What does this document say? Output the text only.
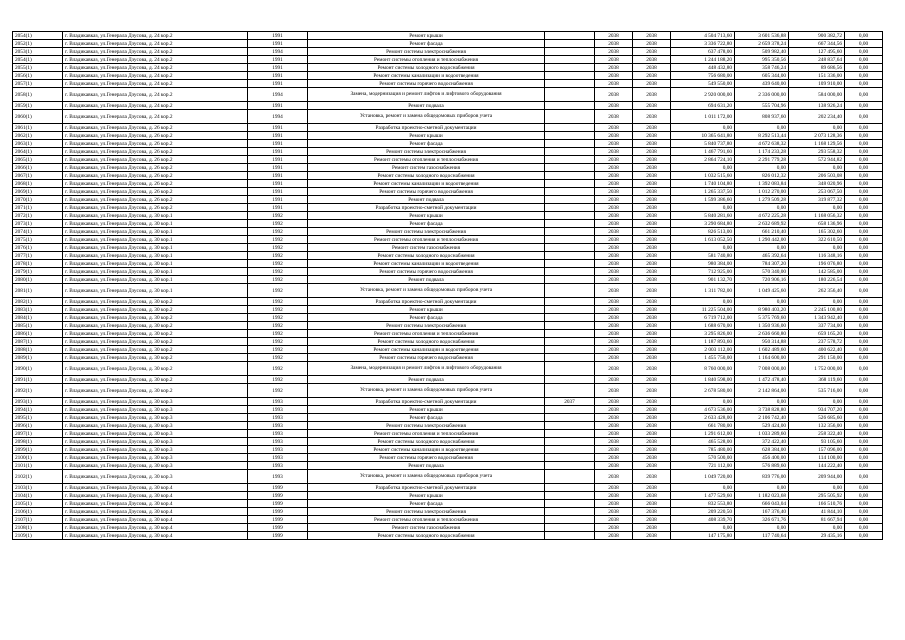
2054(1)	г. Владикавказ, ул.Генерала Дзусова, д. 24 кор.2	1991	Ремонт крыши		2038	2038	4 504 713,60	3 601 536,88	900 382,72	0,00
2052(1)	г. Владикавказ, ул.Генерала Дзусова, д. 24 кор.2	1991	Ремонт фасада		2038	2038	3 336 722,80	2 659 378,24	667 344,56	0,00
2053(1)	г. Владикавказ, ул.Генерала Дзусова, д. 24 кор.2	1994	Ремонт системы электроснабжения		2038	2038	637 478,00	509 982,40	127 495,60	0,00
2054(1)	г. Владикавказ, ул.Генерала Дзусова, д. 24 кор.2	1991	Ремонт системы отопления и теплоснабжения		2038	2038	1 244 188,20	995 350,56	248 837,64	0,00
2055(1)	г. Владикавказ, ул.Генерала Дзусова, д. 24 кор.2	1991	Ремонт системы холодного водоснабжения		2038	2038	448 432,80	358 746,24	89 686,56	0,00
2056(1)	г. Владикавказ, ул.Генерала Дзусова, д. 24 кор.2	1991	Ремонт системы канализации и водоотведения		2038	2038	756 680,00	605 344,00	151 336,00	0,00
2057(1)	г. Владикавказ, ул.Генерала Дзусова, д. 24 кор.2	1991	Ремонт системы горячего водоснабжения		2038	2038	549 550,00	439 640,00	109 910,00	0,00
2058(1)	г. Владикавказ, ул.Генерала Дзусова, д. 24 кор.2	1994	Замена, модернизация и ремонт лифтов и лифтового оборудования		2038	2038	2 920 000,00	2 336 000,00	584 000,00	0,00
2059(1)	г. Владикавказ, ул.Генерала Дзусова, д. 24 кор.2	1991	Ремонт подвала		2038	2038	694 631,20	555 704,96	138 926,24	0,00
2060(1)	г. Владикавказ, ул.Генерала Дзусова, д. 24 кор.2	1994	Установка, ремонт и замена общедомовых приборов учета		2038	2038	1 011 172,00	808 937,60	202 234,40	0,00
2061(1)	г. Владикавказ, ул.Генерала Дзусова, д. 26 кор.2	1991	Разработка проектно-сметной документации		2038	2038	0,00	0,00	0,00	0,00
2062(1)	г. Владикавказ, ул.Генерала Дзусова, д. 26 кор.2	1991	Ремонт крыши		2038	2038	10 365 641,80	8 292 513,44	2 073 128,36	0,00
2063(1)	г. Владикавказ, ул.Генерала Дзусова, д. 26 кор.2	1991	Ремонт фасада		2038	2038	5 840 737,80	4 672 638,32	1 168 129,56	0,00
2064(1)	г. Владикавказ, ул.Генерала Дзусова, д. 26 кор.2	1991	Ремонт системы электроснабжения		2038	2038	1 467 791,60	1 174 233,28	293 558,32	0,00
2065(1)	г. Владикавказ, ул.Генерала Дзусова, д. 26 кор.2	1991	Ремонт системы отопления и теплоснабжения		2038	2038	2 864 724,10	2 291 779,28	572 944,82	0,00
2066(1)	г. Владикавказ, ул.Генерала Дзусова, д. 26 кор.2	1991	Ремонт систем газоснабжения		2038	2038	0,00	0,00	0,00	0,00
2067(1)	г. Владикавказ, ул.Генерала Дзусова, д. 26 кор.2	1991	Ремонт системы холодного водоснабжения		2038	2038	1 032 515,60	826 012,32	206 503,08	0,00
2068(1)	г. Владикавказ, ул.Генерала Дзусова, д. 26 кор.2	1991	Ремонт системы канализации и водоотведения		2038	2038	1 740 104,80	1 392 083,84	348 020,96	0,00
2069(1)	г. Владикавказ, ул.Генерала Дзусова, д. 26 кор.2	1991	Ремонт системы горячего водоснабжения		2038	2038	1 265 337,50	1 012 270,00	253 067,50	0,00
2070(1)	г. Владикавказ, ул.Генерала Дзусова, д. 26 кор.2	1991	Ремонт подвала		2038	2038	1 599 386,60	1 279 509,28	319 877,32	0,00
2071(1)	г. Владикавказ, ул.Генерала Дзусова, д. 26 кор.2	1991	Разработка проектно-сметной документации		2038	2038	0,00	0,00	0,00	0,00
2072(1)	г. Владикавказ, ул.Генерала Дзусова, д. 30 кор.1	1992	Ремонт крыши		2038	2038	5 840 281,60	4 672 225,28	1 168 056,32	0,00
2073(1)	г. Владикавказ, ул.Генерала Дзусова, д. 30 кор.1	1992	Ремонт фасада		2038	2038	3 290 684,80	2 632 689,92	658 136,96	0,00
2074(1)	г. Владикавказ, ул.Генерала Дзусова, д. 30 кор.1	1992	Ремонт системы электроснабжения		2038	2038	826 513,00	661 210,40	165 302,60	0,00
2075(1)	г. Владикавказ, ул.Генерала Дзусова, д. 30 кор.1	1992	Ремонт системы отопления и теплоснабжения		2038	2038	1 613 052,50	1 290 442,00	322 610,50	0,00
2076(1)	г. Владикавказ, ул.Генерала Дзусова, д. 30 кор.1	1992	Ремонт систем газоснабжения		2038	2038	0,00	0,00	0,00	0,00
2077(1)	г. Владикавказ, ул.Генерала Дзусова, д. 30 кор.1	1992	Ремонт системы холодного водоснабжения		2038	2038	581 740,80	465 392,64	116 348,16	0,00
2078(1)	г. Владикавказ, ул.Генерала Дзусова, д. 30 кор.1	1992	Ремонт системы канализации и водоотведения		2038	2038	980 384,00	784 307,20	196 076,80	0,00
2079(1)	г. Владикавказ, ул.Генерала Дзусова, д. 30 кор.1	1992	Ремонт системы горячего водоснабжения		2038	2038	712 925,00	570 340,00	142 585,00	0,00
2080(1)	г. Владикавказ, ул.Генерала Дзусова, д. 30 кор.1	1992	Ремонт подвала		2038	2038	901 132,70	720 906,16	180 226,54	0,00
2081(1)	г. Владикавказ, ул.Генерала Дзусова, д. 30 кор.1	1992	Установка, ремонт и замена общедомовых приборов учета		2038	2038	1 311 782,00	1 049 425,60	262 356,40	0,00
2082(1)	г. Владикавказ, ул.Генерала Дзусова, д. 30 кор.2	1992	Разработка проектно-сметной документации		2038	2038	0,00	0,00	0,00	0,00
2083(1)	г. Владикавказ, ул.Генерала Дзусова, д. 30 кор.2	1992	Ремонт крыши		2038	2038	11 225 504,00	8 980 403,20	2 245 100,80	0,00
2084(1)	г. Владикавказ, ул.Генерала Дзусова, д. 30 кор.2	1992	Ремонт фасада		2038	2038	6 719 712,00	5 375 769,60	1 343 942,40	0,00
2085(1)	г. Владикавказ, ул.Генерала Дзусова, д. 30 кор.2	1992	Ремонт системы электроснабжения		2038	2038	1 688 670,00	1 350 936,00	337 734,00	0,00
2086(1)	г. Владикавказ, ул.Генерала Дзусова, д. 30 кор.2	1992	Ремонт системы отопления и теплоснабжения		2038	2038	3 295 826,00	2 636 660,80	659 165,20	0,00
2087(1)	г. Владикавказ, ул.Генерала Дзусова, д. 30 кор.2	1992	Ремонт системы холодного водоснабжения		2038	2038	1 187 893,60	950 314,88	237 578,72	0,00
2088(1)	г. Владикавказ, ул.Генерала Дзусова, д. 30 кор.2	1992	Ремонт системы канализации и водоотведения		2038	2038	2 003 112,00	1 602 489,60	400 622,40	0,00
2089(1)	г. Владикавказ, ул.Генерала Дзусова, д. 30 кор.2	1992	Ремонт системы горячего водоснабжения		2038	2038	1 455 750,00	1 164 600,00	291 150,00	0,00
2090(1)	г. Владикавказ, ул.Генерала Дзусова, д. 30 кор.2	1992	Замена, модернизация и ремонт лифтов и лифтового оборудования		2038	2038	8 760 000,00	7 008 000,00	1 752 000,00	0,00
2091(1)	г. Владикавказ, ул.Генерала Дзусова, д. 30 кор.2	1992	Ремонт подвала		2038	2038	1 840 598,00	1 472 478,40	368 119,60	0,00
2092(1)	г. Владикавказ, ул.Генерала Дзусова, д. 30 кор.2	1992	Установка, ремонт и замена общедомовых приборов учета		2038	2038	2 678 580,00	2 142 864,00	535 716,00	0,00
2093(1)	г. Владикавказ, ул.Генерала Дзусова, д. 30 кор.3	1993	Разработка проектно-сметной документации	2037	2038	2038	0,00	0,00	0,00	0,00
2094(1)	г. Владикавказ, ул.Генерала Дзусова, д. 30 кор.3	1993	Ремонт крыши		2038	2038	4 673 536,00	3 738 828,80	934 707,20	0,00
2095(1)	г. Владикавказ, ул.Генерала Дзусова, д. 30 кор.3	1993	Ремонт фасада		2038	2038	2 633 428,00	2 106 742,40	526 685,60	0,00
2096(1)	г. Владикавказ, ул.Генерала Дзусова, д. 30 кор.3	1993	Ремонт системы электроснабжения		2038	2038	661 780,00	529 424,00	132 356,00	0,00
2097(1)	г. Владикавказ, ул.Генерала Дзусова, д. 30 кор.3	1993	Ремонт системы отопления и теплоснабжения		2038	2038	1 291 612,00	1 033 289,60	258 322,40	0,00
2098(1)	г. Владикавказ, ул.Генерала Дзусова, д. 30 кор.3	1993	Ремонт системы холодного водоснабжения		2038	2038	465 528,00	372 422,40	93 105,60	0,00
2099(1)	г. Владикавказ, ул.Генерала Дзусова, д. 30 кор.3	1993	Ремонт системы канализации и водоотведения		2038	2038	785 480,00	628 384,00	157 096,00	0,00
2100(1)	г. Владикавказ, ул.Генерала Дзусова, д. 30 кор.3	1993	Ремонт системы горячего водоснабжения		2038	2038	570 500,00	456 400,00	114 100,00	0,00
2101(1)	г. Владикавказ, ул.Генерала Дзусова, д. 30 кор.3	1993	Ремонт подвала		2038	2038	721 112,00	576 889,60	144 222,40	0,00
2102(1)	г. Владикавказ, ул.Генерала Дзусова, д. 30 кор.3	1993	Установка, ремонт и замена общедомовых приборов учета		2038	2038	1 049 720,00	839 776,00	209 944,00	0,00
2103(1)	г. Владикавказ, ул.Генерала Дзусова, д. 30 кор.4	1999	Разработка проектно-сметной документации		2038	2038	0,00	0,00	0,00	0,00
2104(1)	г. Владикавказ, ул.Генерала Дзусова, д. 30 кор.4	1999	Ремонт крыши		2038	2038	1 477 529,60	1 182 023,68	295 505,92	0,00
2105(1)	г. Владикавказ, ул.Генерала Дзусова, д. 30 кор.4	1999	Ремонт фасада		2038	2038	832 553,80	666 043,04	166 510,76	0,00
2106(1)	г. Владикавказ, ул.Генерала Дзусова, д. 30 кор.4	1999	Ремонт системы электроснабжения		2038	2038	209 220,50	167 376,40	41 844,10	0,00
2107(1)	г. Владикавказ, ул.Генерала Дзусова, д. 30 кор.4	1999	Ремонт системы отопления и теплоснабжения		2038	2038	408 339,70	326 671,76	81 667,94	0,00
2108(1)	г. Владикавказ, ул.Генерала Дзусова, д. 30 кор.4	1999	Ремонт систем газоснабжения		2038	2038	0,00	0,00	0,00	0,00
2109(1)	г. Владикавказ, ул.Генерала Дзусова, д. 30 кор.4	1999	Ремонт системы холодного водоснабжения		2038	2038	147 175,80	117 740,64	29 435,16	0,00
